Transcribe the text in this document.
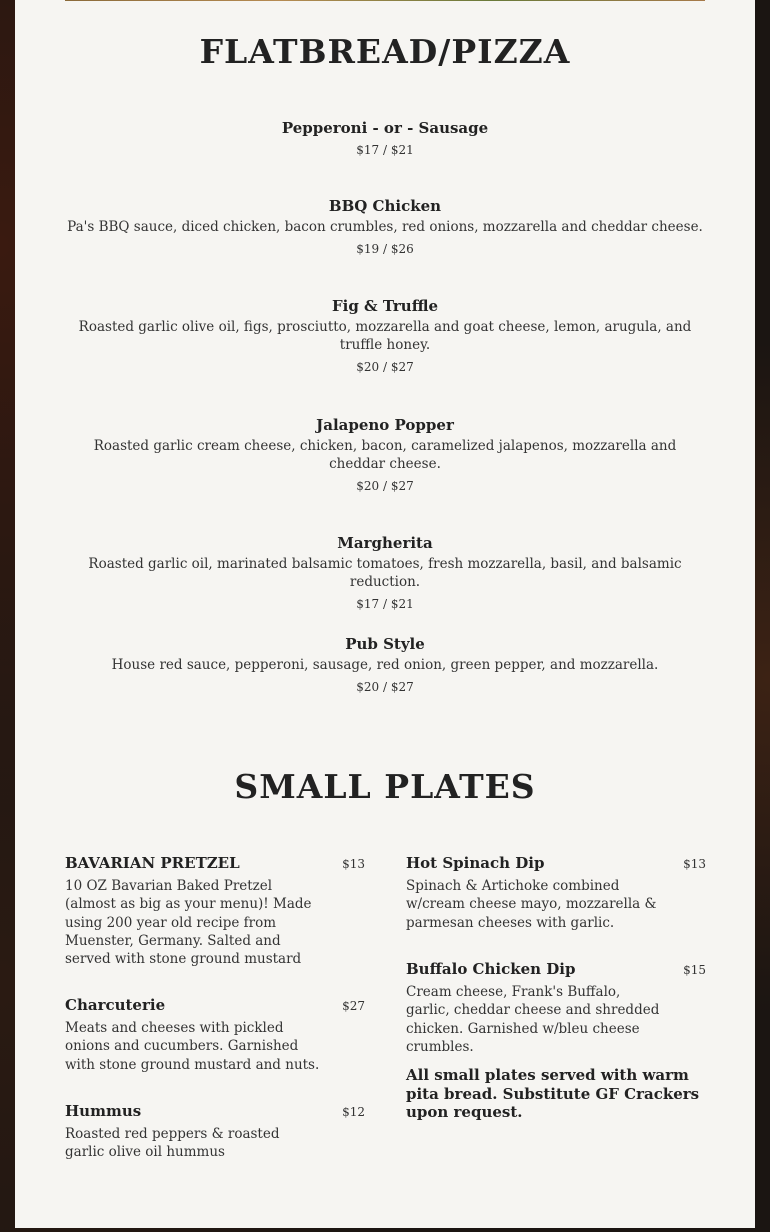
FLATBREAD/PIZZA

Pepperoni - or - Sausage

$17 / $21

BBQ Chicken

Pa's BBQ sauce, diced chicken, bacon crumbles, red onions, mozzarella and cheddar cheese.

$19 / $26

Fig & Truffle

Roasted garlic olive oil, figs, prosciutto, mozzarella and goat cheese, lemon, arugula, and truffle honey.

$20 / $27

Jalapeno Popper

Roasted garlic cream cheese, chicken, bacon, caramelized jalapenos, mozzarella and cheddar cheese.

$20 / $27

Margherita

Roasted garlic oil, marinated balsamic tomatoes, fresh mozzarella, basil, and balsamic reduction.

$17 / $21

Pub Style

House red sauce, pepperoni, sausage, red onion, green pepper, and mozzarella.

$20 / $27

SMALL PLATES
BAVARIAN PRETZEL	$13
10 OZ Bavarian Baked Pretzel (almost as big as your menu)! Made using 200 year old recipe from Muenster, Germany. Salted and served with stone ground mustard
Charcuterie	$27
Meats and cheeses with pickled onions and cucumbers. Garnished with stone ground mustard and nuts.
Hummus	$12
Roasted red peppers & roasted garlic olive oil hummus
Hot Spinach Dip	$13
Spinach & Artichoke combined w/cream cheese mayo, mozzarella & parmesan cheeses with garlic.
Buffalo Chicken Dip	$15
Cream cheese, Frank's Buffalo, garlic, cheddar cheese and shredded chicken. Garnished w/bleu cheese crumbles.
All small plates served with warm pita bread. Substitute GF Crackers upon request.
